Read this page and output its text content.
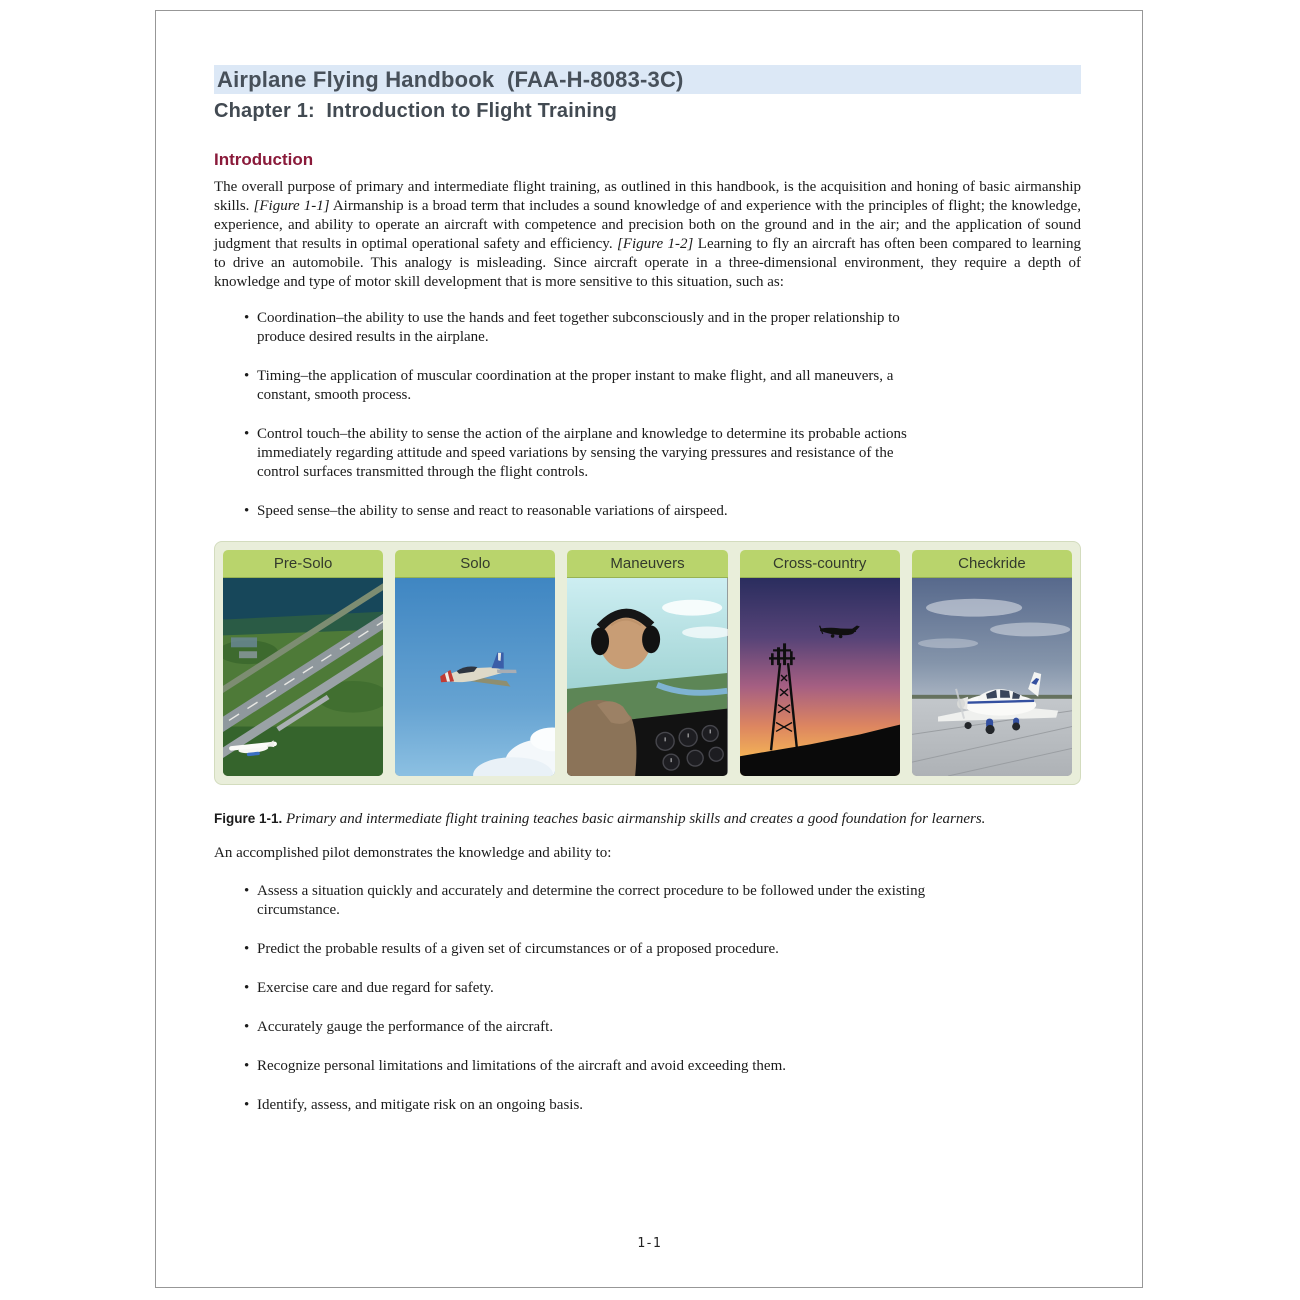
Airplane Flying Handbook  (FAA-H-8083-3C)
Chapter 1:  Introduction to Flight Training
Introduction

The overall purpose of primary and intermediate flight training, as outlined in this handbook, is the acquisition and honing of basic airmanship skills. [Figure 1-1] Airmanship is a broad term that includes a sound knowledge of and experience with the principles of flight; the knowledge, experience, and ability to operate an aircraft with competence and precision both on the ground and in the air; and the application of sound judgment that results in optimal operational safety and efficiency. [Figure 1-2] Learning to fly an aircraft has often been compared to learning to drive an automobile. This analogy is misleading. Since aircraft operate in a three-dimensional environment, they require a depth of knowledge and type of motor skill development that is more sensitive to this situation, such as:

• Coordination–the ability to use the hands and feet together subconsciously and in the proper relationship to produce desired results in the airplane.
• Timing–the application of muscular coordination at the proper instant to make flight, and all maneuvers, a constant, smooth process.
• Control touch–the ability to sense the action of the airplane and knowledge to determine its probable actions immediately regarding attitude and speed variations by sensing the varying pressures and resistance of the control surfaces transmitted through the flight controls.
• Speed sense–the ability to sense and react to reasonable variations of airspeed.
Pre-Solo	Solo	Maneuvers	Cross-country	Checkride
Figure 1-1. Primary and intermediate flight training teaches basic airmanship skills and creates a good foundation for learners.

An accomplished pilot demonstrates the knowledge and ability to:

• Assess a situation quickly and accurately and determine the correct procedure to be followed under the existing circumstance.
• Predict the probable results of a given set of circumstances or of a proposed procedure.
• Exercise care and due regard for safety.
• Accurately gauge the performance of the aircraft.
• Recognize personal limitations and limitations of the aircraft and avoid exceeding them.
• Identify, assess, and mitigate risk on an ongoing basis.
1-1
